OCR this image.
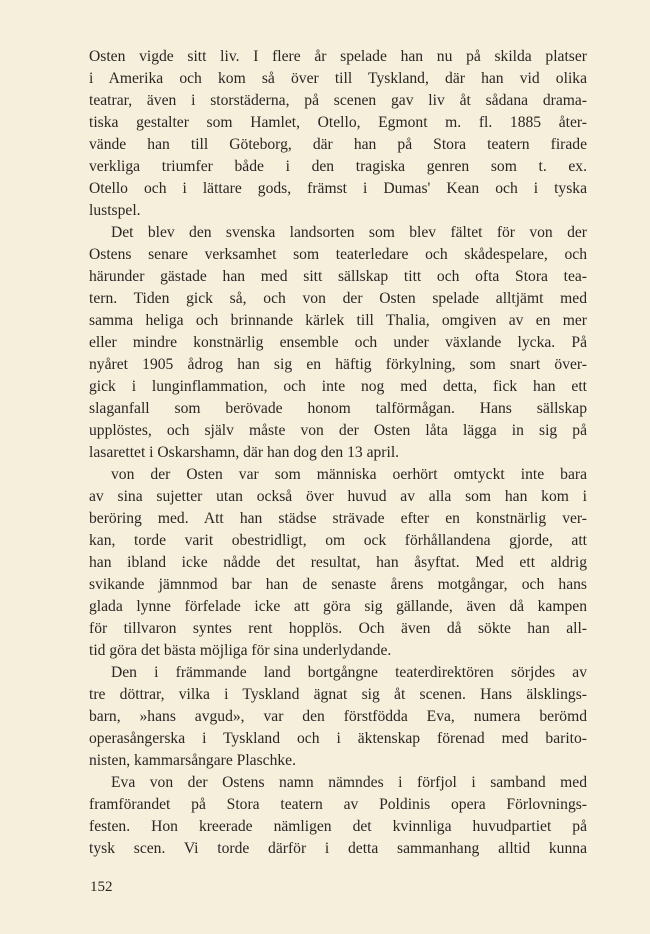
Osten vigde sitt liv. I flere år spelade han nu på skilda platser
i Amerika och kom så över till Tyskland, där han vid olika
teatrar, även i storstäderna, på scenen gav liv åt sådana drama-
tiska gestalter som Hamlet, Otello, Egmont m. fl. 1885 åter-
vände han till Göteborg, där han på Stora teatern firade
verkliga triumfer både i den tragiska genren som t. ex.
Otello och i lättare gods, främst i Dumas' Kean och i tyska
lustspel.
Det blev den svenska landsorten som blev fältet för von der
Ostens senare verksamhet som teaterledare och skådespelare, och
härunder gästade han med sitt sällskap titt och ofta Stora tea-
tern. Tiden gick så, och von der Osten spelade alltjämt med
samma heliga och brinnande kärlek till Thalia, omgiven av en mer
eller mindre konstnärlig ensemble och under växlande lycka. På
nyåret 1905 ådrog han sig en häftig förkylning, som snart över-
gick i lunginflammation, och inte nog med detta, fick han ett
slaganfall som berövade honom talförmågan. Hans sällskap
upplöstes, och själv måste von der Osten låta lägga in sig på
lasarettet i Oskarshamn, där han dog den 13 april.
von der Osten var som människa oerhört omtyckt inte bara
av sina sujetter utan också över huvud av alla som han kom i
beröring med. Att han städse strävade efter en konstnärlig ver-
kan, torde varit obestridligt, om ock förhållandena gjorde, att
han ibland icke nådde det resultat, han åsyftat. Med ett aldrig
svikande jämnmod bar han de senaste årens motgångar, och hans
glada lynne förfelade icke att göra sig gällande, även då kampen
för tillvaron syntes rent hopplös. Och även då sökte han all-
tid göra det bästa möjliga för sina underlydande.
Den i främmande land bortgångne teaterdirektören sörjdes av
tre döttrar, vilka i Tyskland ägnat sig åt scenen. Hans älsklings-
barn, »hans avgud», var den förstfödda Eva, numera berömd
operasångerska i Tyskland och i äktenskap förenad med barito-
nisten, kammarsångare Plaschke.
Eva von der Ostens namn nämndes i förfjol i samband med
framförandet på Stora teatern av Poldinis opera Förlovnings-
festen. Hon kreerade nämligen det kvinnliga huvudpartiet på
tysk scen. Vi torde därför i detta sammanhang alltid kunna
152
